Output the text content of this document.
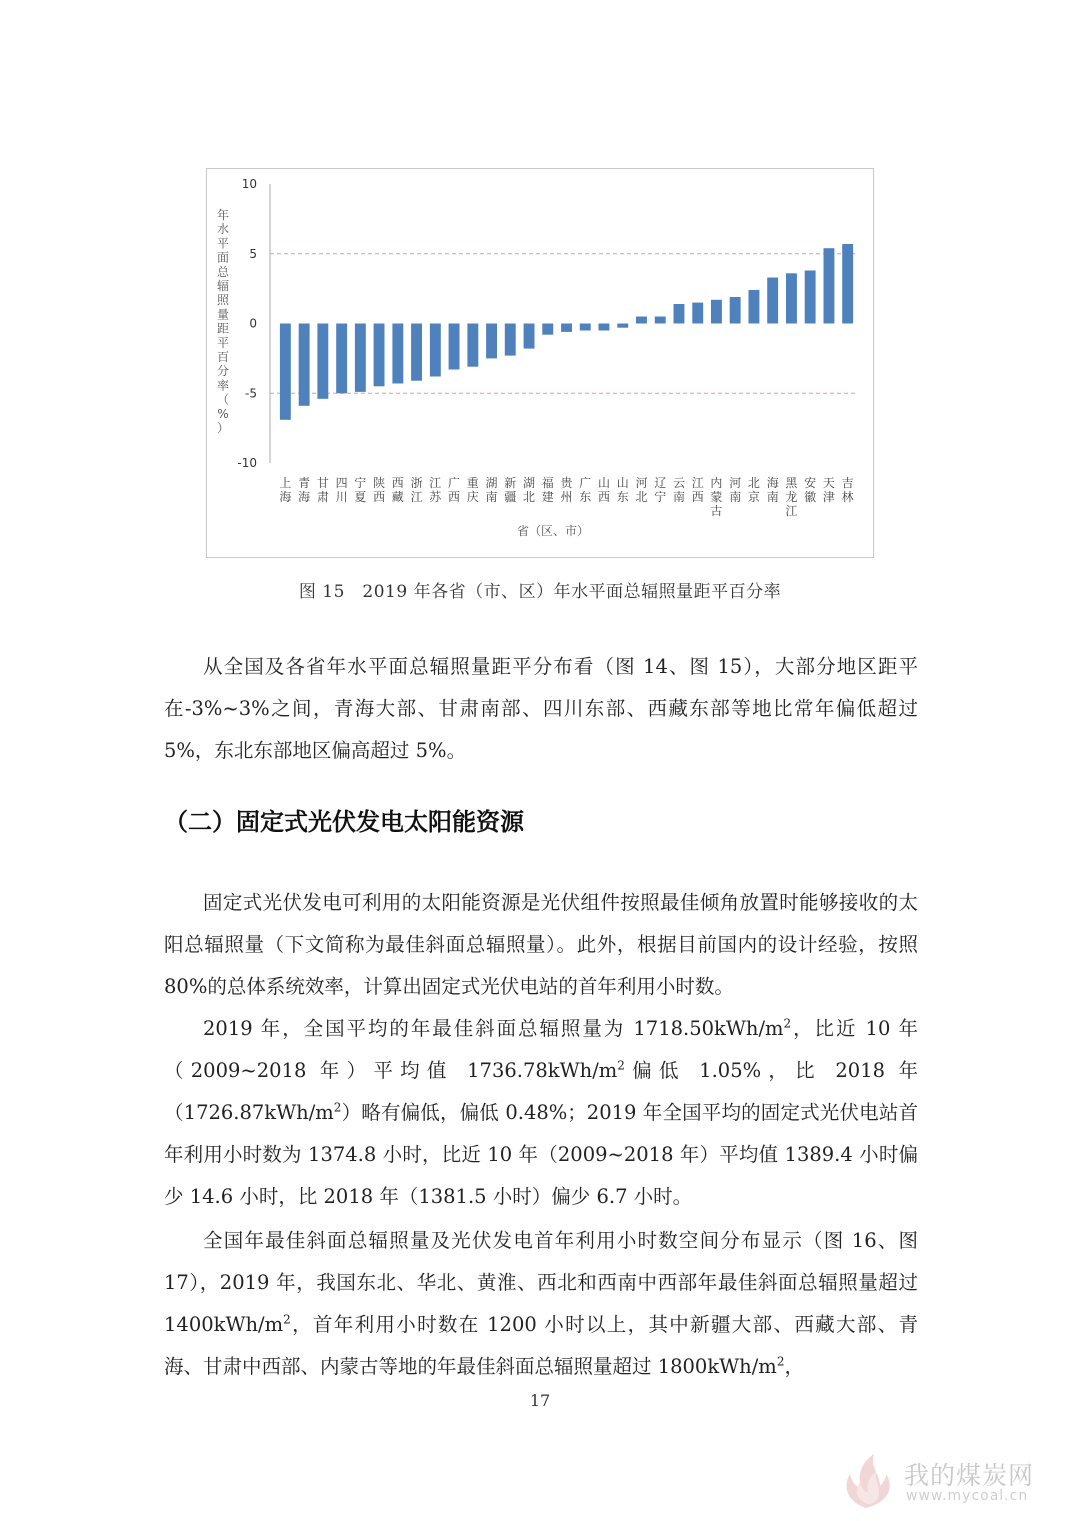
10
5
0
-5
-10
上海
青海
甘肃
四川
宁夏
陕西
西藏
浙江
江苏
广西
重庆
湖南
新疆
湖北
福建
贵州
广东
山西
山东
河北
辽宁
云南
江西
内蒙古
河南
北京
海南
黑龙江
安徽
天津
吉林
年水平面总辐照量距平百分率（%）
省（区、市）
图 15　2019 年各省（市、区）年水平面总辐照量距平百分率

从全国及各省年水平面总辐照量距平分布看（图 14、图 15），大部分地区距平在-3%~3%之间，青海大部、甘肃南部、四川东部、西藏东部等地比常年偏低超过 5%，东北东部地区偏高超过 5%。

（二）固定式光伏发电太阳能资源

固定式光伏发电可利用的太阳能资源是光伏组件按照最佳倾角放置时能够接收的太阳总辐照量（下文简称为最佳斜面总辐照量）。此外，根据目前国内的设计经验，按照 80%的总体系统效率，计算出固定式光伏电站的首年利用小时数。

2019 年，全国平均的年最佳斜面总辐照量为 $1718.50kWh/m^2$，比近 10 年（2009~2018 年）平均值 $1736.78kWh/m^2$偏低 1.05%，比 2018 年$(1726.87kWh/m^2)$略有偏低，偏低 0.48%；2019 年全国平均的固定式光伏电站首年利用小时数为 1374.8 小时，比近 10 年（2009~2018 年）平均值 1389.4 小时偏少 14.6 小时，比 2018 年（1381.5 小时）偏少 6.7 小时。

全国年最佳斜面总辐照量及光伏发电首年利用小时数空间分布显示（图 16、图 17），2019 年，我国东北、华北、黄淮、西北和西南中西部年最佳斜面总辐照量超过 $1400kWh/m^2$，首年利用小时数在 1200 小时以上，其中新疆大部、西藏大部、青海、甘肃中西部、内蒙古等地的年最佳斜面总辐照量超过 $1800kWh/m^2$，

17
我的煤炭网
www.mycoal.cn
